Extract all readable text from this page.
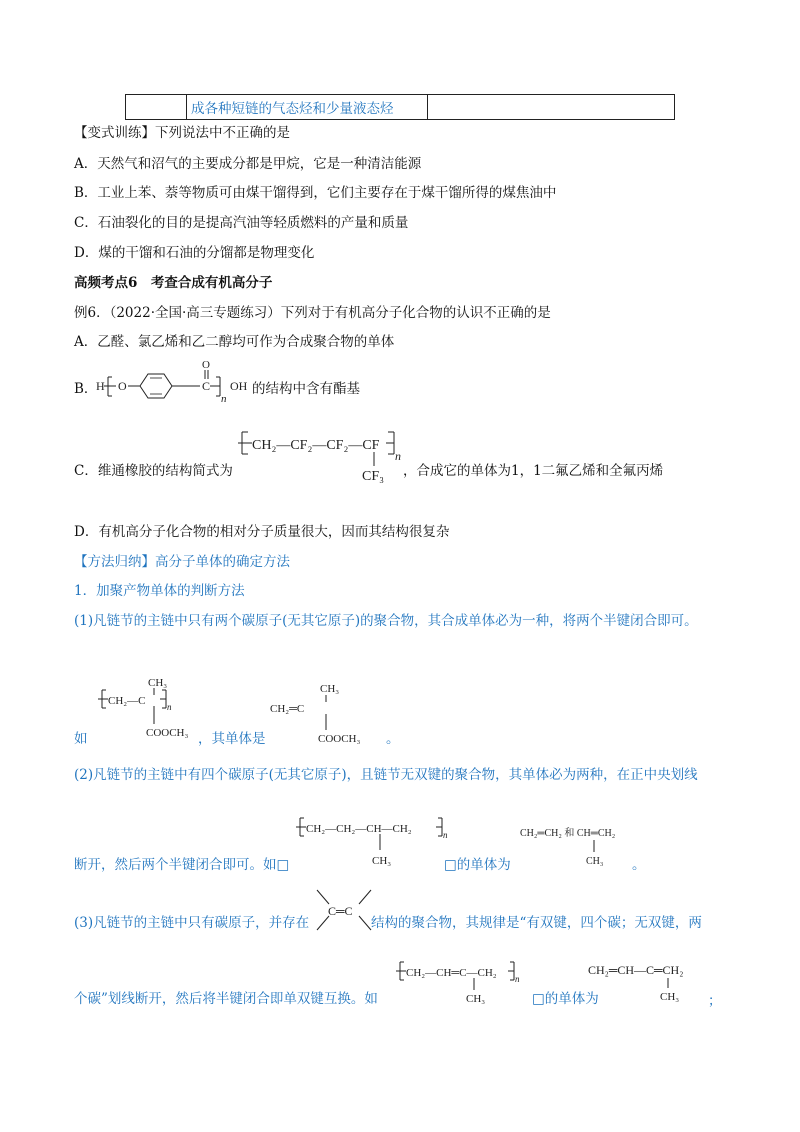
	成各种短链的气态烃和少量液态烃	
【变式训练】下列说法中不正确的是
A．天然气和沼气的主要成分都是甲烷，它是一种清洁能源
B．工业上苯、萘等物质可由煤干馏得到，它们主要存在于煤干馏所得的煤焦油中
C．石油裂化的目的是提高汽油等轻质燃料的产量和质量
D．煤的干馏和石油的分馏都是物理变化
高频考点6　考查合成有机高分子
例6．（2022·全国·高三专题练习）下列对于有机高分子化合物的认识不正确的是
A．乙醛、氯乙烯和乙二醇均可作为合成聚合物的单体
B．
H O	C
O
n
OH 的结构中含有酯基
CH₂—CF₂—CF₂—CF
n
CF₃
C．维通橡胶的结构简式为	，合成它的单体为1，1二氟乙烯和全氟丙烯
D．有机高分子化合物的相对分子质量很大，因而其结构很复杂
【方法归纳】高分子单体的确定方法
1．加聚产物单体的判断方法
(1)凡链节的主链中只有两个碳原子(无其它原子)的聚合物，其合成单体必为一种，将两个半键闭合即可。
CH₂—C n
CH₃
COOCH₃
如	，其单体是
CH₂═C
CH₃
COOCH₃ 。
(2)凡链节的主链中有四个碳原子(无其它原子)，且链节无双键的聚合物，其单体必为两种，在正中央划线
CH₂—CH₂—CH—CH₂	n
CH₃
断开，然后两个半键闭合即可。如□	□的单体为
CH₂═CH₂ 和 CH═CH₂
CH₃ 。
(3)凡链节的主链中只有碳原子，并存在
C═C
结构的聚合物，其规律是“有双键，四个碳；无双键，两
CH₂—CH═C—CH₂ n
CH₃
个碳”划线断开，然后将半键闭合即单双键互换。如	□的单体为
CH₂═CH—C═CH₂
CH₃ ；
